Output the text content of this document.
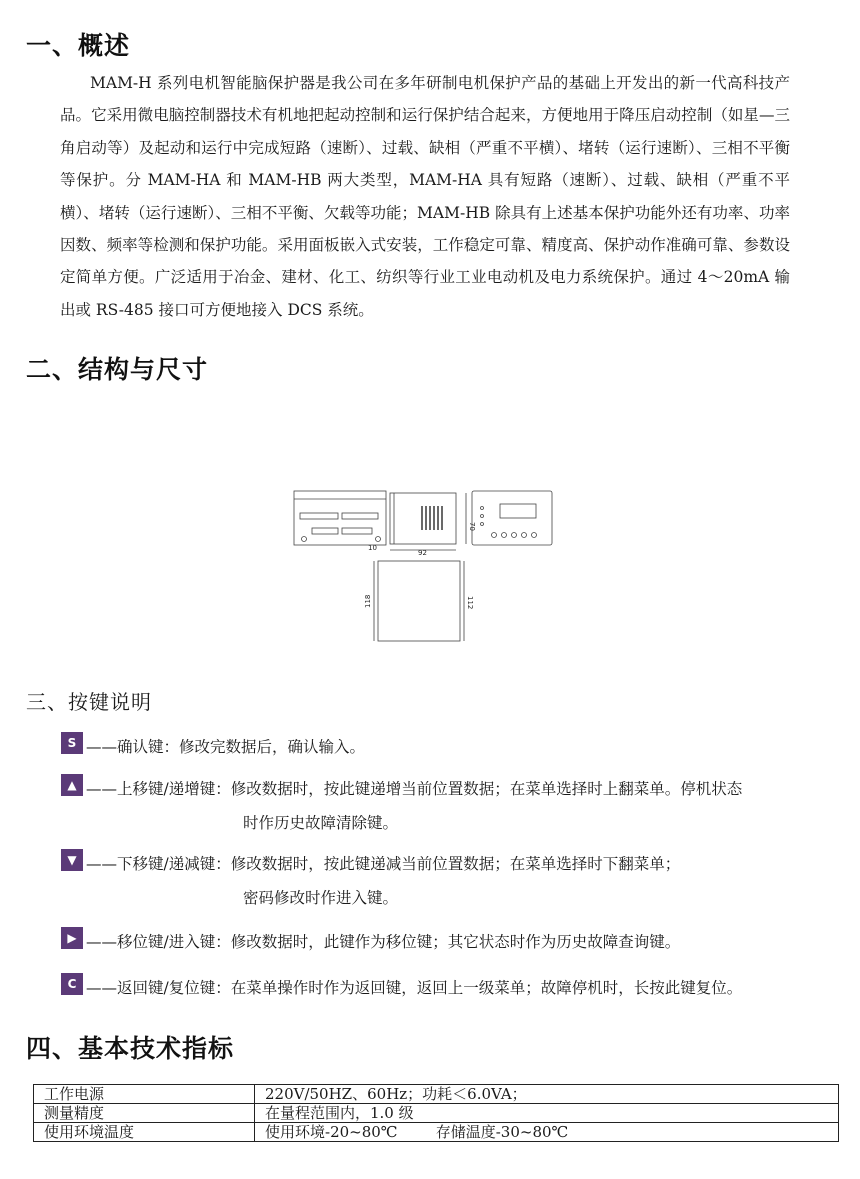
一、概述

MAM-H 系列电机智能脑保护器是我公司在多年研制电机保护产品的基础上开发出的新一代高科技产品。它采用微电脑控制器技术有机地把起动控制和运行保护结合起来，方便地用于降压启动控制（如星—三角启动等）及起动和运行中完成短路（速断）、过载、缺相（严重不平横）、堵转（运行速断）、三相不平衡等保护。分 MAM-HA 和 MAM-HB 两大类型，MAM-HA 具有短路（速断）、过载、缺相（严重不平横）、堵转（运行速断）、三相不平衡、欠载等功能；MAM-HB 除具有上述基本保护功能外还有功率、功率因数、频率等检测和保护功能。采用面板嵌入式安装，工作稳定可靠、精度高、保护动作准确可靠、参数设定简单方便。广泛适用于冶金、建材、化工、纺织等行业工业电动机及电力系统保护。通过 4～20mA 输出或 RS-485 接口可方便地接入 DCS 系统。

二、结构与尺寸
70
10
92
118	112
三、按键说明
S ——确认键：修改完数据后，确认输入。
▲ ——上移键/递增键：修改数据时，按此键递增当前位置数据；在菜单选择时上翻菜单。停机状态
时作历史故障清除键。
▼ ——下移键/递减键：修改数据时，按此键递减当前位置数据；在菜单选择时下翻菜单；
密码修改时作进入键。
▶ ——移位键/进入键：修改数据时，此键作为移位键；其它状态时作为历史故障查询键。
C ——返回键/复位键：在菜单操作时作为返回键，返回上一级菜单；故障停机时，长按此键复位。
四、基本技术指标
工作电源	220V/50HZ、60Hz；功耗＜6.0VA；
测量精度	在量程范围内，1.0 级
使用环境温度	使用环境-20~80℃        存储温度-30~80℃
